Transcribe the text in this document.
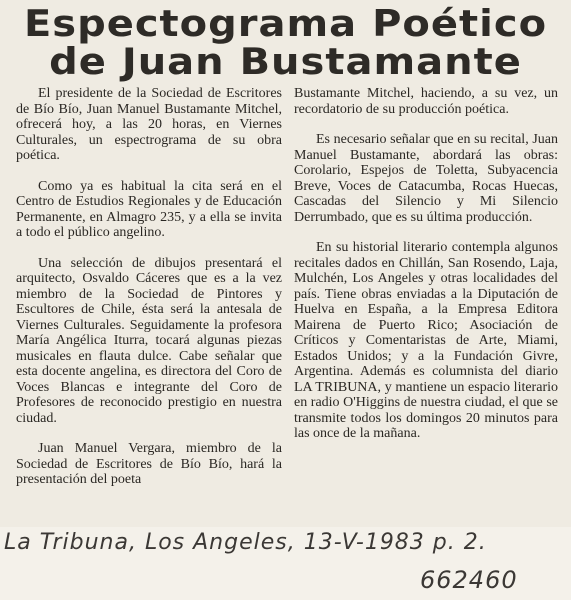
Espectograma Poético
de Juan Bustamante

El presidente de la Sociedad de Escritores de Bío Bío, Juan Manuel Bustamante Mitchel, ofrecerá hoy, a las 20 horas, en Viernes Culturales, un espectrograma de su obra poética.

Como ya es habitual la cita será en el Centro de Estudios Regionales y de Educación Permanente, en Almagro 235, y a ella se invita a todo el público angelino.

Una selección de dibujos presentará el arquitecto, Osvaldo Cáceres que es a la vez miembro de la Sociedad de Pintores y Escultores de Chile, ésta será la antesala de Viernes Culturales. Seguidamente la profesora María Angélica Iturra, tocará algunas piezas musicales en flauta dulce. Cabe señalar que esta docente angelina, es directora del Coro de Voces Blancas e integrante del Coro de Profesores de reconocido prestigio en nuestra ciudad.

Juan Manuel Vergara, miembro de la Sociedad de Escritores de Bío Bío, hará la presentación del poeta

Bustamante Mitchel, haciendo, a su vez, un recordatorio de su producción poética.

Es necesario señalar que en su recital, Juan Manuel Bustamante, abordará las obras: Corolario, Espejos de Toletta, Subyacencia Breve, Voces de Catacumba, Rocas Huecas, Cascadas del Silencio y Mi Silencio Derrumbado, que es su última producción.

En su historial literario contempla algunos recitales dados en Chillán, San Rosendo, Laja, Mulchén, Los Angeles y otras localidades del país. Tiene obras enviadas a la Diputación de Huelva en España, a la Empresa Editora Mairena de Puerto Rico; Asociación de Críticos y Comentaristas de Arte, Miami, Estados Unidos; y a la Fundación Givre, Argentina. Además es columnista del diario LA TRIBUNA, y mantiene un espacio literario en radio O'Higgins de nuestra ciudad, el que se transmite todos los domingos 20 minutos para las once de la mañana.

La Tribuna, Los Angeles, 13-V-1983 p. 2.
662460
